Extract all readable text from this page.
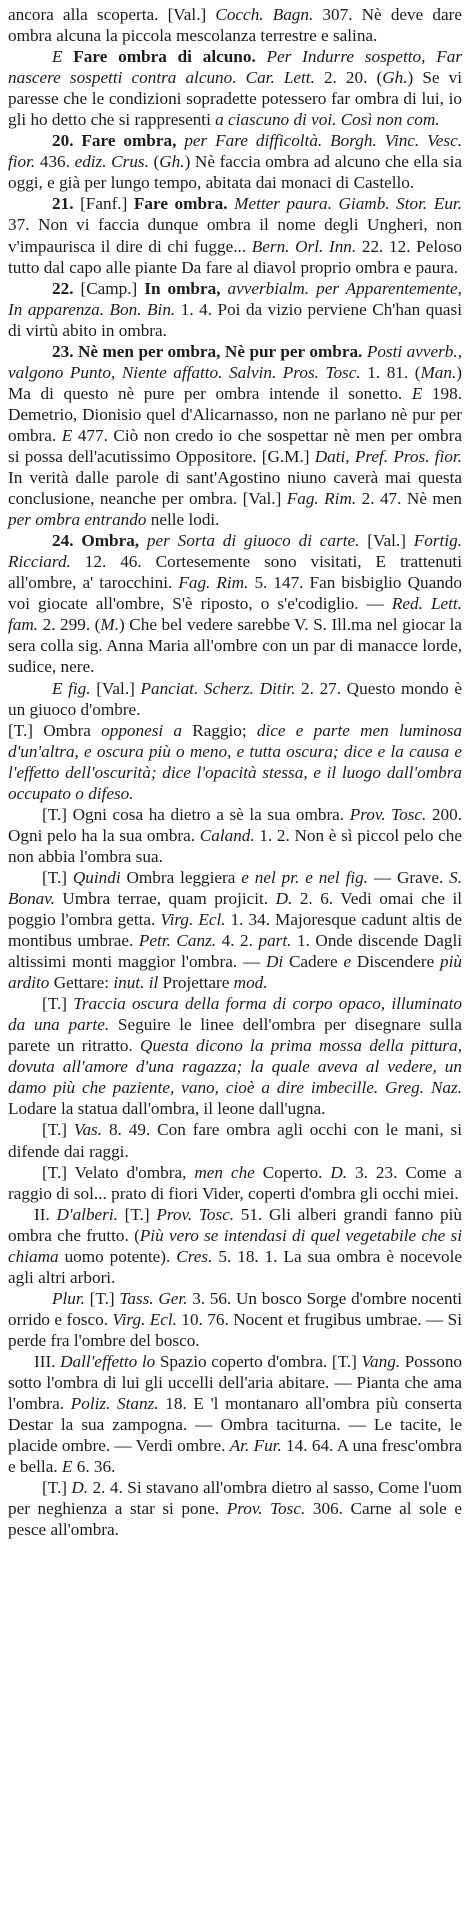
ancora alla scoperta. [Val.] Cocch. Bagn. 307. Nè deve dare ombra alcuna la piccola mescolanza terrestre e salina.

E Fare ombra di alcuno. Per Indurre sospetto, Far nascere sospetti contra alcuno. Car. Lett. 2. 20. (Gh.) Se vi paresse che le condizioni sopradette potessero far ombra di lui, io gli ho detto che si rappresenti a ciascuno di voi. Così non com.

20. Fare ombra, per Fare difficoltà. Borgh. Vinc. Vesc. fior. 436. ediz. Crus. (Gh.) Nè faccia ombra ad alcuno che ella sia oggi, e già per lungo tempo, abitata dai monaci di Castello.

21. [Fanf.] Fare ombra. Metter paura. Giamb. Stor. Eur. 37. Non vi faccia dunque ombra il nome degli Ungheri, non v'impaurisca il dire di chi fugge... Bern. Orl. Inn. 22. 12. Peloso tutto dal capo alle piante Da fare al diavol proprio ombra e paura.

22. [Camp.] In ombra, avverbialm. per Apparentemente, In apparenza. Bon. Bin. 1. 4. Poi da vizio perviene Ch'han quasi di virtù abito in ombra.

23. Nè men per ombra, Nè pur per ombra. Posti avverb., valgono Punto, Niente affatto. Salvin. Pros. Tosc. 1. 81. (Man.) Ma di questo nè pure per ombra intende il sonetto. E 198. Demetrio, Dionisio quel d'Alicarnasso, non ne parlano nè pur per ombra. E 477. Ciò non credo io che sospettar nè men per ombra si possa dell'acutissimo Oppositore. [G.M.] Dati, Pref. Pros. fior. In verità dalle parole di sant'Agostino niuno caverà mai questa conclusione, neanche per ombra. [Val.] Fag. Rim. 2. 47. Nè men per ombra entrando nelle lodi.

24. Ombra, per Sorta di giuoco di carte. [Val.] Fortig. Ricciard. 12. 46. Cortesemente sono visitati, E trattenuti all'ombre, a' tarocchini. Fag. Rim. 5. 147. Fan bisbiglio Quando voi giocate all'ombre, S'è riposto, o s'e'codiglio. — Red. Lett. fam. 2. 299. (M.) Che bel vedere sarebbe V. S. Ill.ma nel giocar la sera colla sig. Anna Maria all'ombre con un par di manacce lorde, sudice, nere.

E fig. [Val.] Panciat. Scherz. Ditir. 2. 27. Questo mondo è un giuoco d'ombre.

[T.] Ombra opponesi a Raggio; dice e parte men luminosa d'un'altra, e oscura più o meno, e tutta oscura; dice e la causa e l'effetto dell'oscurità; dice l'opacità stessa, e il luogo dall'ombra occupato o difeso.

[T.] Ogni cosa ha dietro a sè la sua ombra. Prov. Tosc. 200. Ogni pelo ha la sua ombra. Caland. 1. 2. Non è sì piccol pelo che non abbia l'ombra sua.

[T.] Quindi Ombra leggiera e nel pr. e nel fig. — Grave. S. Bonav. Umbra terrae, quam projicit. D. 2. 6. Vedi omai che il poggio l'ombra getta. Virg. Ecl. 1. 34. Majoresque cadunt altis de montibus umbrae. Petr. Canz. 4. 2. part. 1. Onde discende Dagli altissimi monti maggior l'ombra. — Di Cadere e Discendere più ardito Gettare: inut. il Projettare mod.

[T.] Traccia oscura della forma di corpo opaco, illuminato da una parte. Seguire le linee dell'ombra per disegnare sulla parete un ritratto. Questa dicono la prima mossa della pittura, dovuta all'amore d'una ragazza; la quale aveva al vedere, un damo più che paziente, vano, cioè a dire imbecille. Greg. Naz. Lodare la statua dall'ombra, il leone dall'ugna.

[T.] Vas. 8. 49. Con fare ombra agli occhi con le mani, si difende dai raggi.

[T.] Velato d'ombra, men che Coperto. D. 3. 23. Come a raggio di sol... prato di fiori Vider, coperti d'ombra gli occhi miei.

II. D'alberi. [T.] Prov. Tosc. 51. Gli alberi grandi fanno più ombra che frutto. (Più vero se intendasi di quel vegetabile che si chiama uomo potente). Cres. 5. 18. 1. La sua ombra è nocevole agli altri arbori.

Plur. [T.] Tass. Ger. 3. 56. Un bosco Sorge d'ombre nocenti orrido e fosco. Virg. Ecl. 10. 76. Nocent et frugibus umbrae. — Si perde fra l'ombre del bosco.

III. Dall'effetto lo Spazio coperto d'ombra. [T.] Vang. Possono sotto l'ombra di lui gli uccelli dell'aria abitare. — Pianta che ama l'ombra. Poliz. Stanz. 18. E 'l montanaro all'ombra più conserta Destar la sua zampogna. — Ombra taciturna. — Le tacite, le placide ombre. — Verdi ombre. Ar. Fur. 14. 64. A una fresc'ombra e bella. E 6. 36.

[T.] D. 2. 4. Si stavano all'ombra dietro al sasso, Come l'uom per neghienza a star si pone. Prov. Tosc. 306. Carne al sole e pesce all'ombra.
